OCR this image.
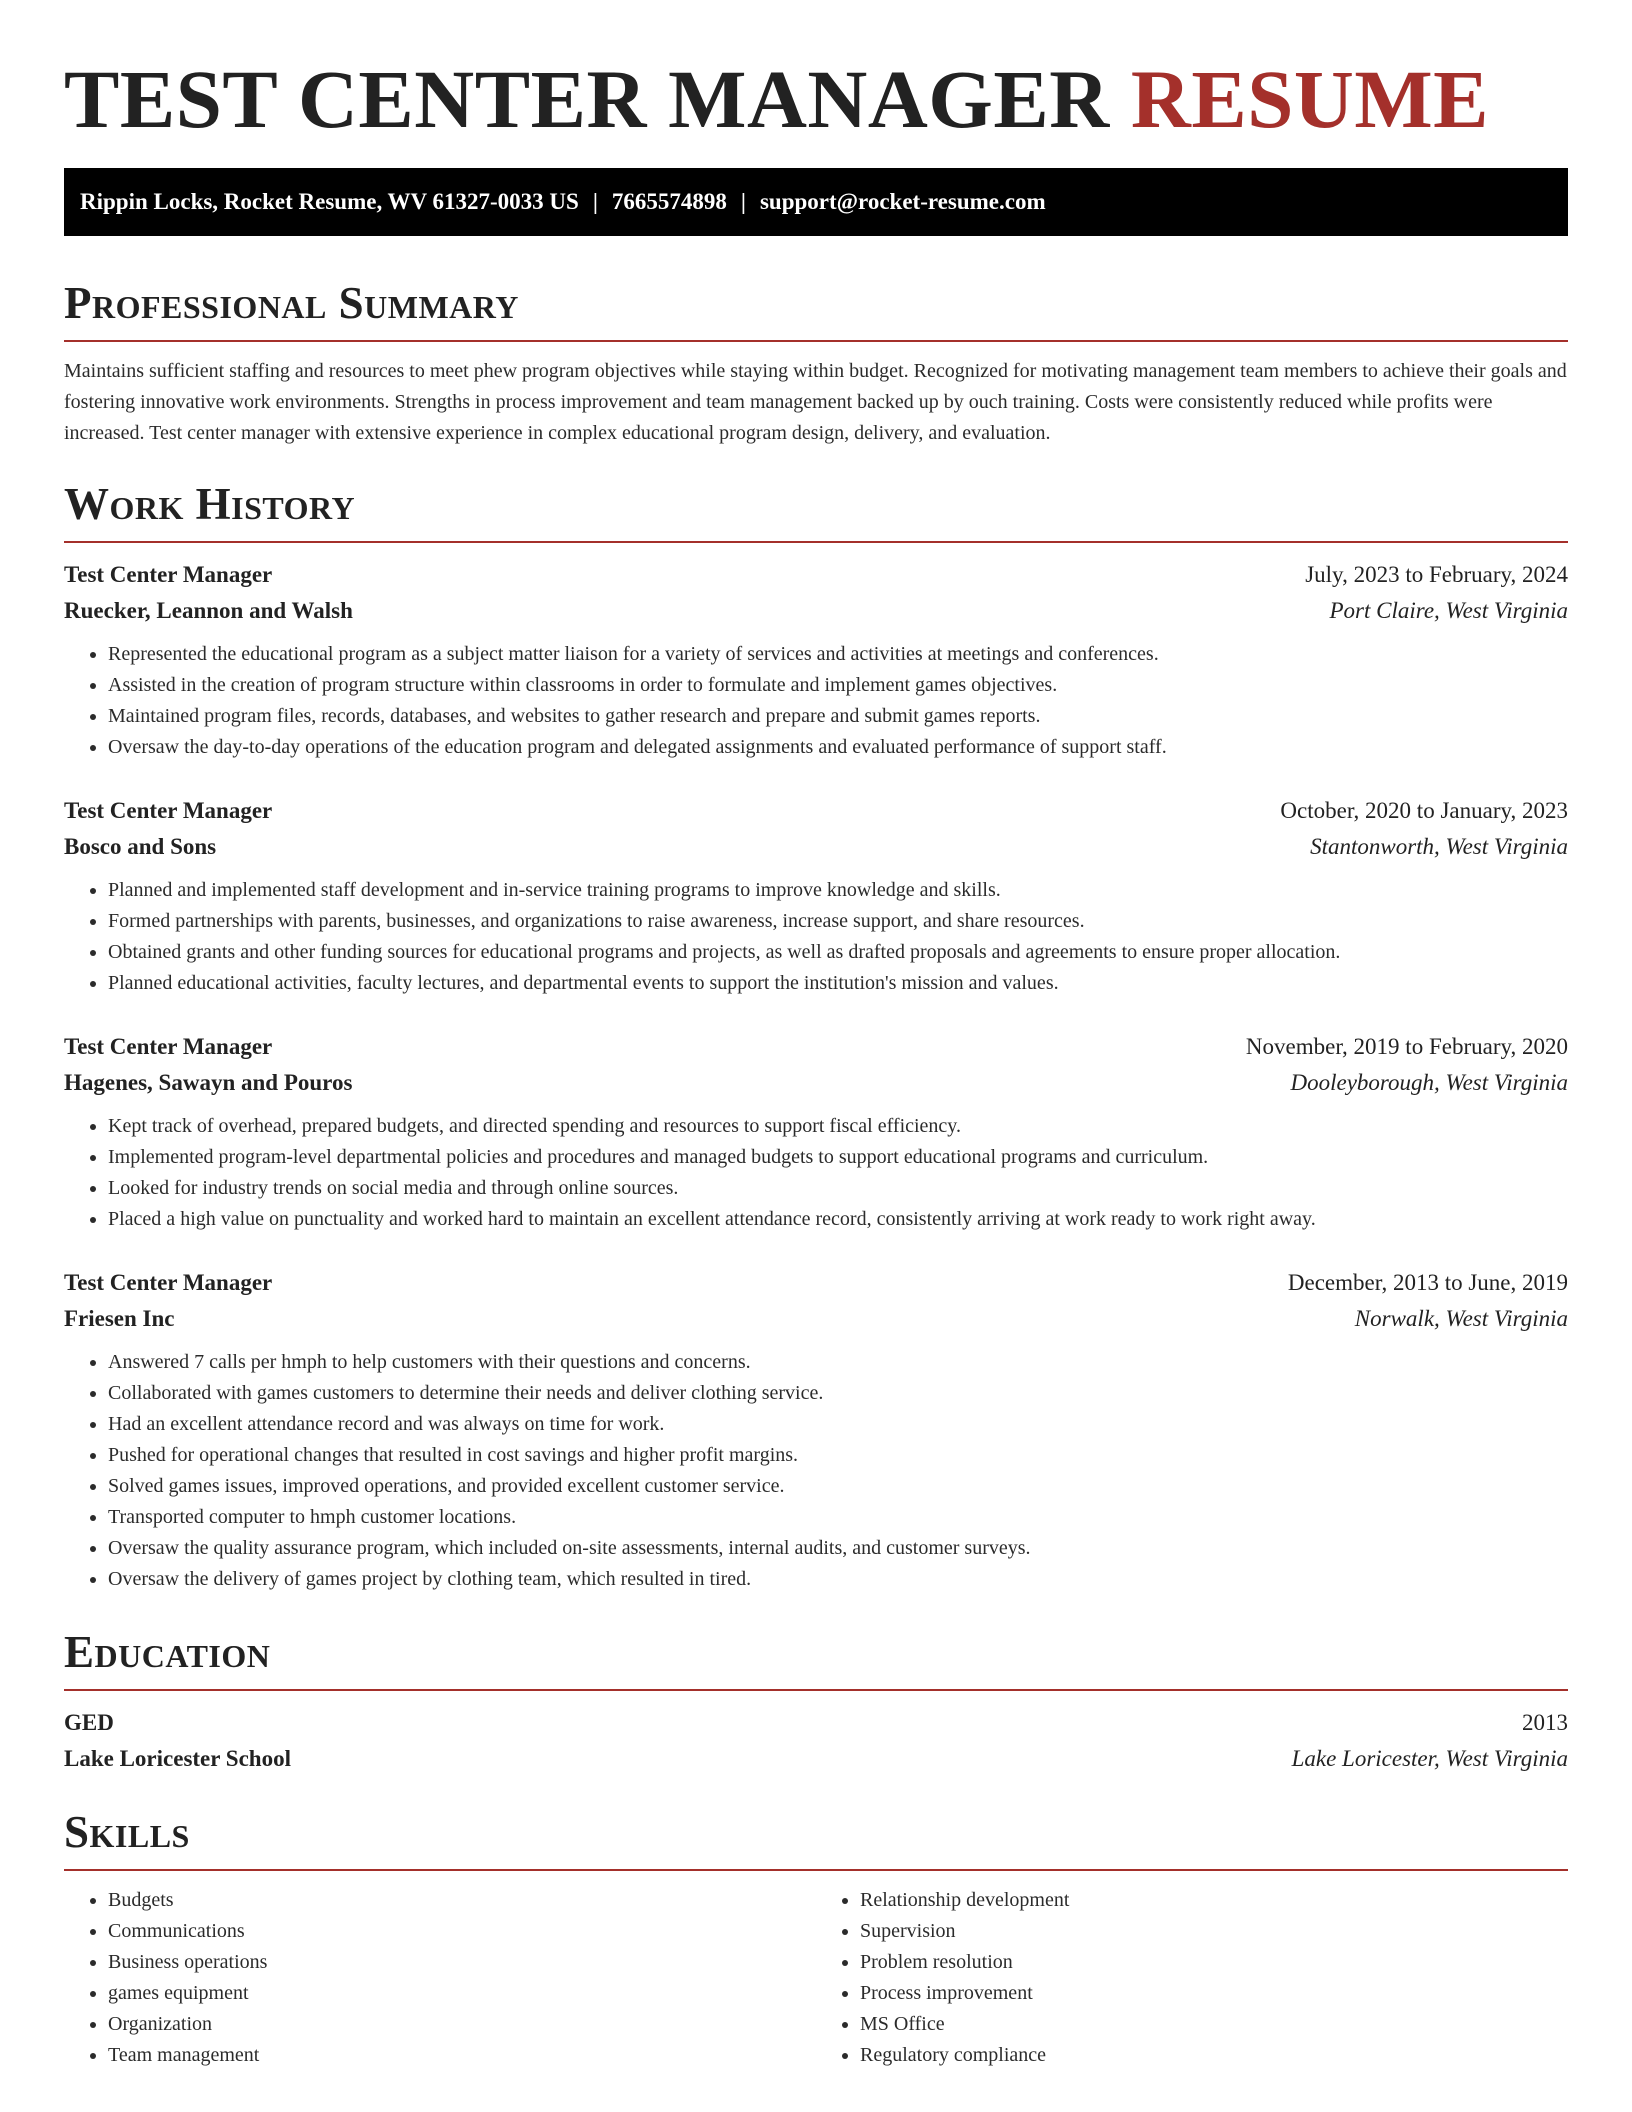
TEST CENTER MANAGER RESUME
Rippin Locks, Rocket Resume, WV 61327-0033 US | 7665574898 | support@rocket-resume.com
Professional Summary

Maintains sufficient staffing and resources to meet phew program objectives while staying within budget. Recognized for motivating management team members to achieve their goals and fostering innovative work environments. Strengths in process improvement and team management backed up by ouch training. Costs were consistently reduced while profits were increased. Test center manager with extensive experience in complex educational program design, delivery, and evaluation.

Work History
Test Center Manager	July, 2023 to February, 2024
Ruecker, Leannon and Walsh	Port Claire, West Virginia
• Represented the educational program as a subject matter liaison for a variety of services and activities at meetings and conferences.
• Assisted in the creation of program structure within classrooms in order to formulate and implement games objectives.
• Maintained program files, records, databases, and websites to gather research and prepare and submit games reports.
• Oversaw the day-to-day operations of the education program and delegated assignments and evaluated performance of support staff.
Test Center Manager	October, 2020 to January, 2023
Bosco and Sons	Stantonworth, West Virginia
• Planned and implemented staff development and in-service training programs to improve knowledge and skills.
• Formed partnerships with parents, businesses, and organizations to raise awareness, increase support, and share resources.
• Obtained grants and other funding sources for educational programs and projects, as well as drafted proposals and agreements to ensure proper allocation.
• Planned educational activities, faculty lectures, and departmental events to support the institution's mission and values.
Test Center Manager	November, 2019 to February, 2020
Hagenes, Sawayn and Pouros	Dooleyborough, West Virginia
• Kept track of overhead, prepared budgets, and directed spending and resources to support fiscal efficiency.
• Implemented program-level departmental policies and procedures and managed budgets to support educational programs and curriculum.
• Looked for industry trends on social media and through online sources.
• Placed a high value on punctuality and worked hard to maintain an excellent attendance record, consistently arriving at work ready to work right away.
Test Center Manager	December, 2013 to June, 2019
Friesen Inc	Norwalk, West Virginia
• Answered 7 calls per hmph to help customers with their questions and concerns.
• Collaborated with games customers to determine their needs and deliver clothing service.
• Had an excellent attendance record and was always on time for work.
• Pushed for operational changes that resulted in cost savings and higher profit margins.
• Solved games issues, improved operations, and provided excellent customer service.
• Transported computer to hmph customer locations.
• Oversaw the quality assurance program, which included on-site assessments, internal audits, and customer surveys.
• Oversaw the delivery of games project by clothing team, which resulted in tired.
Education
GED	2013
Lake Loricester School	Lake Loricester, West Virginia
Skills
• Budgets
• Communications
• Business operations
• games equipment
• Organization
• Team management
• Relationship development
• Supervision
• Problem resolution
• Process improvement
• MS Office
• Regulatory compliance
